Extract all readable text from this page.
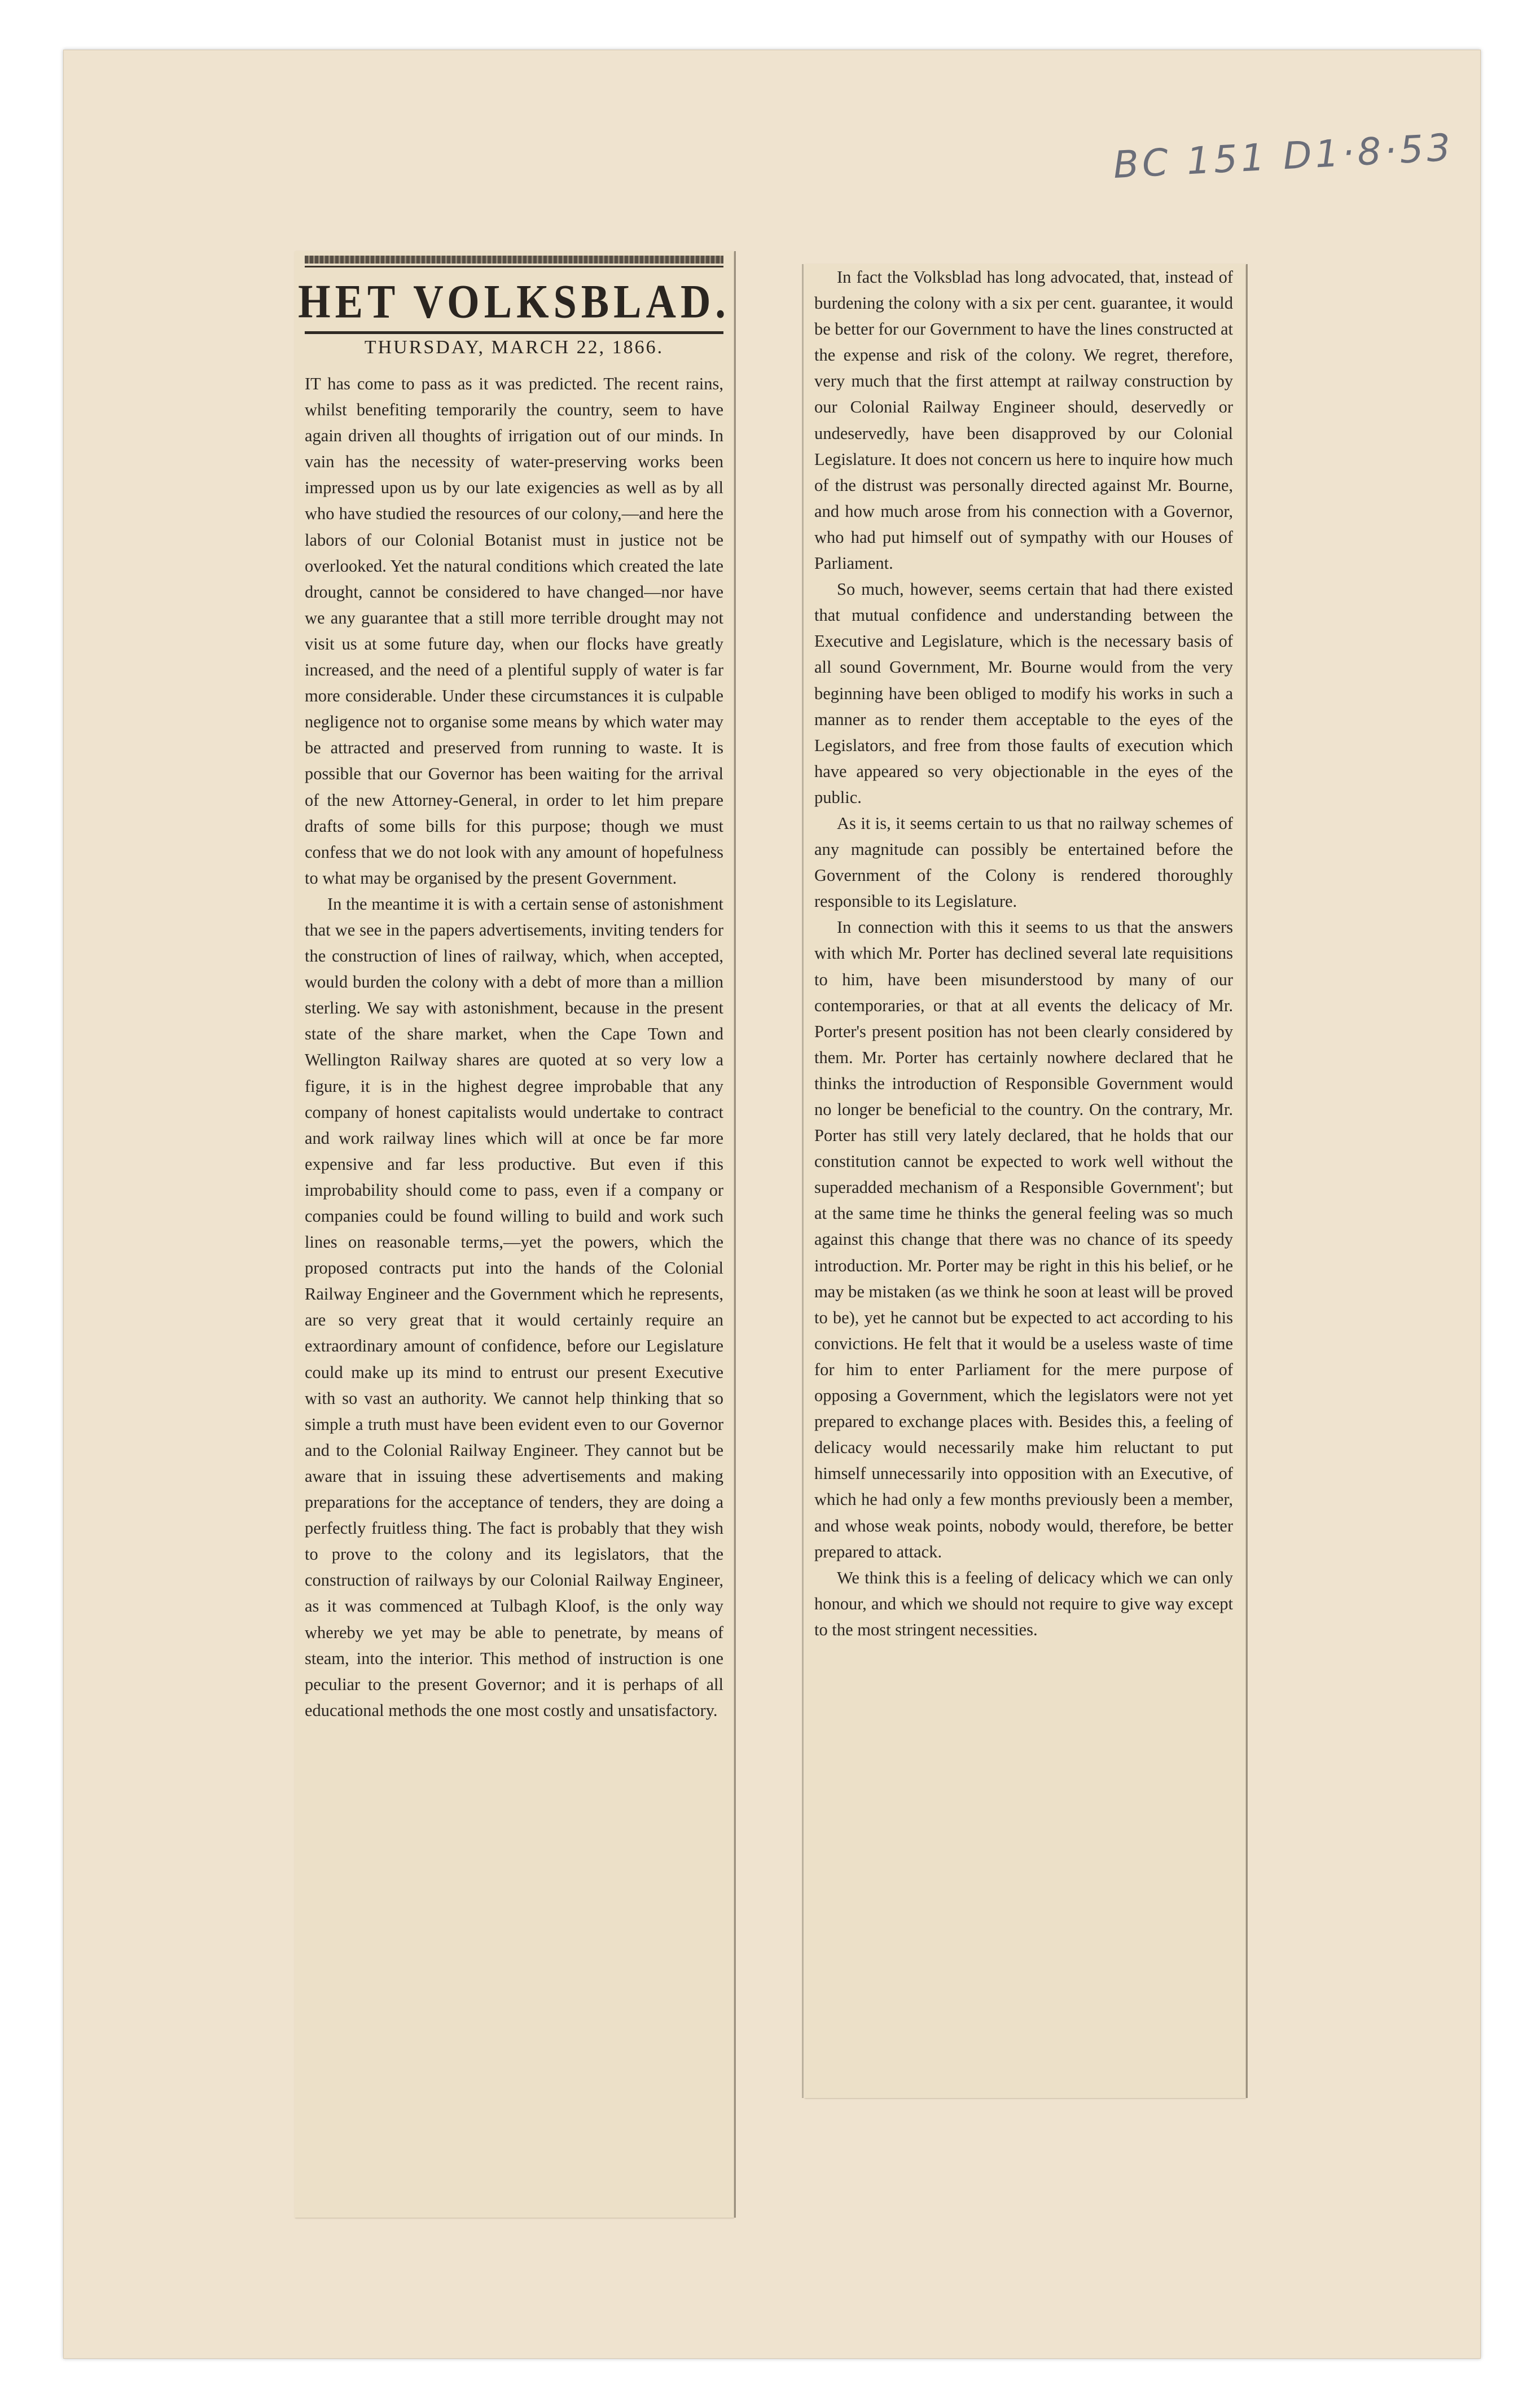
BC 151 D1·8·53
HET VOLKSBLAD.
THURSDAY, MARCH 22, 1866.

IT has come to pass as it was predicted. The recent rains, whilst benefiting temporarily the country, seem to have again driven all thoughts of irrigation out of our minds. In vain has the necessity of water-preserving works been impressed upon us by our late exigencies as well as by all who have studied the resources of our colony,—and here the labors of our Colonial Botanist must in justice not be overlooked. Yet the natural conditions which created the late drought, cannot be considered to have changed—nor have we any guarantee that a still more terrible drought may not visit us at some future day, when our flocks have greatly increased, and the need of a plentiful supply of water is far more considerable. Under these circumstances it is culpable negligence not to organise some means by which water may be attracted and preserved from running to waste. It is possible that our Governor has been waiting for the arrival of the new Attorney-General, in order to let him prepare drafts of some bills for this purpose; though we must confess that we do not look with any amount of hopefulness to what may be organised by the present Government.

In the meantime it is with a certain sense of astonishment that we see in the papers advertisements, inviting tenders for the construction of lines of railway, which, when accepted, would burden the colony with a debt of more than a million sterling. We say with astonishment, because in the present state of the share market, when the Cape Town and Wellington Railway shares are quoted at so very low a figure, it is in the highest degree improbable that any company of honest capitalists would undertake to contract and work railway lines which will at once be far more expensive and far less productive. But even if this improbability should come to pass, even if a company or companies could be found willing to build and work such lines on reasonable terms,—yet the powers, which the proposed contracts put into the hands of the Colonial Railway Engineer and the Government which he represents, are so very great that it would certainly require an extraordinary amount of confidence, before our Legislature could make up its mind to entrust our present Executive with so vast an authority. We cannot help thinking that so simple a truth must have been evident even to our Governor and to the Colonial Railway Engineer. They cannot but be aware that in issuing these advertisements and making preparations for the acceptance of tenders, they are doing a perfectly fruitless thing. The fact is probably that they wish to prove to the colony and its legislators, that the construction of railways by our Colonial Railway Engineer, as it was commenced at Tulbagh Kloof, is the only way whereby we yet may be able to penetrate, by means of steam, into the interior. This method of instruction is one peculiar to the present Governor; and it is perhaps of all educational methods the one most costly and unsatisfactory.

In fact the Volksblad has long advocated, that, instead of burdening the colony with a six per cent. guarantee, it would be better for our Government to have the lines constructed at the expense and risk of the colony. We regret, therefore, very much that the first attempt at railway construction by our Colonial Railway Engineer should, deservedly or undeservedly, have been disapproved by our Colonial Legislature. It does not concern us here to inquire how much of the distrust was personally directed against Mr. Bourne, and how much arose from his connection with a Governor, who had put himself out of sympathy with our Houses of Parliament.

So much, however, seems certain that had there existed that mutual confidence and understanding between the Executive and Legislature, which is the necessary basis of all sound Government, Mr. Bourne would from the very beginning have been obliged to modify his works in such a manner as to render them acceptable to the eyes of the Legislators, and free from those faults of execution which have appeared so very objectionable in the eyes of the public.

As it is, it seems certain to us that no railway schemes of any magnitude can possibly be entertained before the Government of the Colony is rendered thoroughly responsible to its Legislature.

In connection with this it seems to us that the answers with which Mr. Porter has declined several late requisitions to him, have been misunderstood by many of our contemporaries, or that at all events the delicacy of Mr. Porter's present position has not been clearly considered by them. Mr. Porter has certainly nowhere declared that he thinks the introduction of Responsible Government would no longer be beneficial to the country. On the contrary, Mr. Porter has still very lately declared, that he holds that our constitution cannot be expected to work well without the superadded mechanism of a Responsible Government'; but at the same time he thinks the general feeling was so much against this change that there was no chance of its speedy introduction. Mr. Porter may be right in this his belief, or he may be mistaken (as we think he soon at least will be proved to be), yet he cannot but be expected to act according to his convictions. He felt that it would be a useless waste of time for him to enter Parliament for the mere purpose of opposing a Government, which the legislators were not yet prepared to exchange places with. Besides this, a feeling of delicacy would necessarily make him reluctant to put himself unnecessarily into opposition with an Executive, of which he had only a few months previously been a member, and whose weak points, nobody would, therefore, be better prepared to attack.

We think this is a feeling of delicacy which we can only honour, and which we should not require to give way except to the most stringent necessities.
